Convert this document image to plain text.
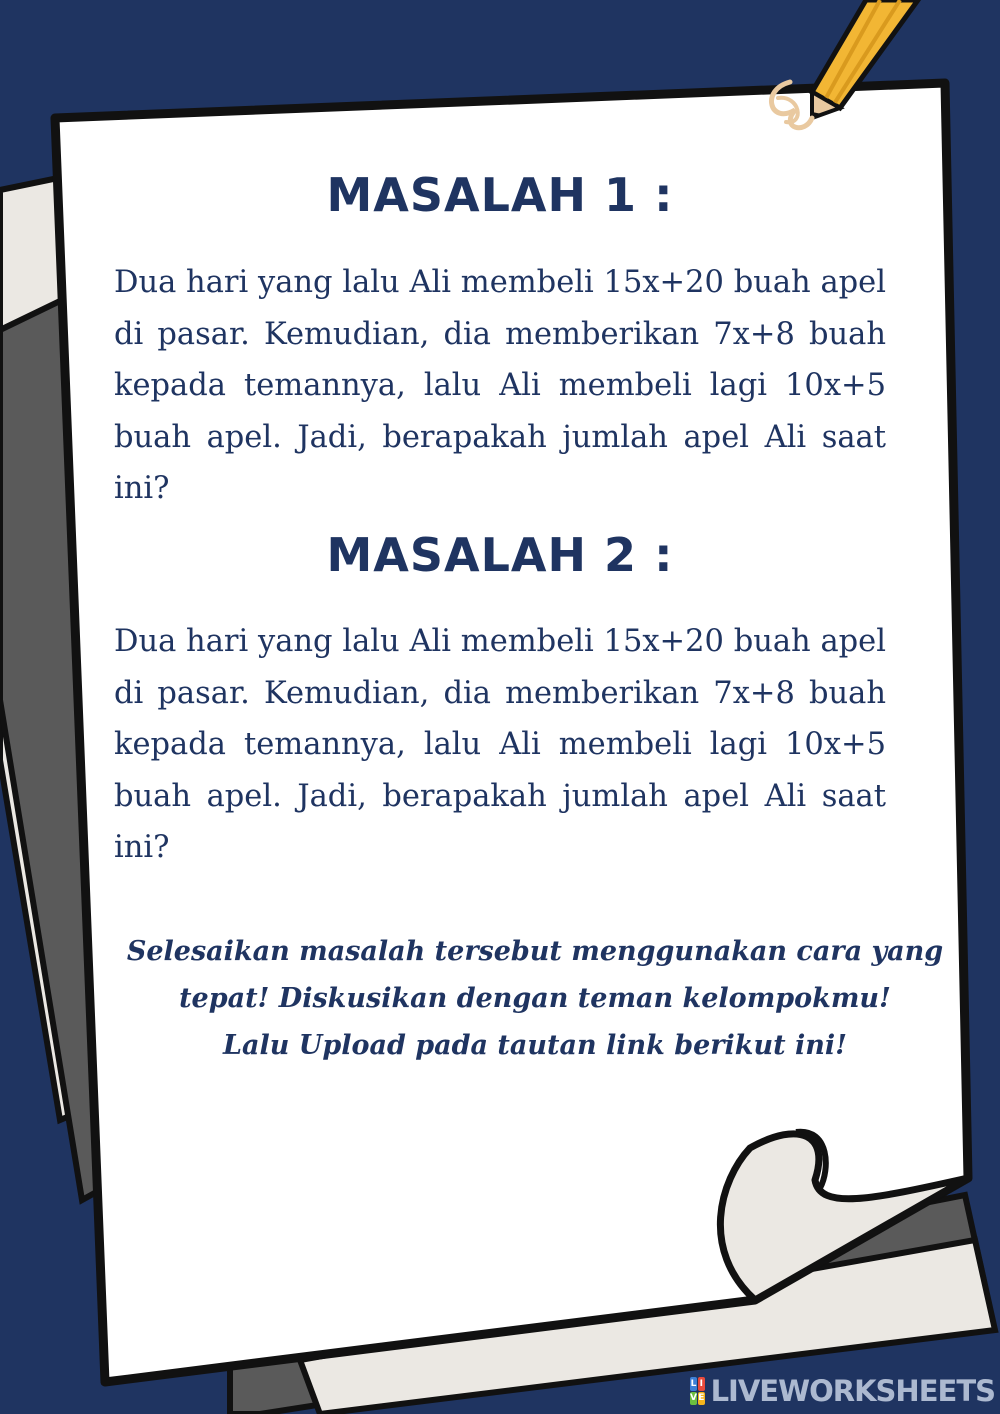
MASALAH 1 :

Dua hari yang lalu Ali membeli 15x+20 buah apel di pasar. Kemudian, dia memberikan 7x+8 buah kepada temannya, lalu Ali membeli lagi 10x+5 buah apel. Jadi, berapakah jumlah apel Ali saat ini?

MASALAH 2 :

Dua hari yang lalu Ali membeli 15x+20 buah apel di pasar. Kemudian, dia memberikan 7x+8 buah kepada temannya, lalu Ali membeli lagi 10x+5 buah apel. Jadi, berapakah jumlah apel Ali saat ini?

Selesaikan masalah tersebut menggunakan cara yang
tepat! Diskusikan dengan teman kelompokmu!
Lalu Upload pada tautan link berikut ini!
L I
V E LIVEWORKSHEETS
